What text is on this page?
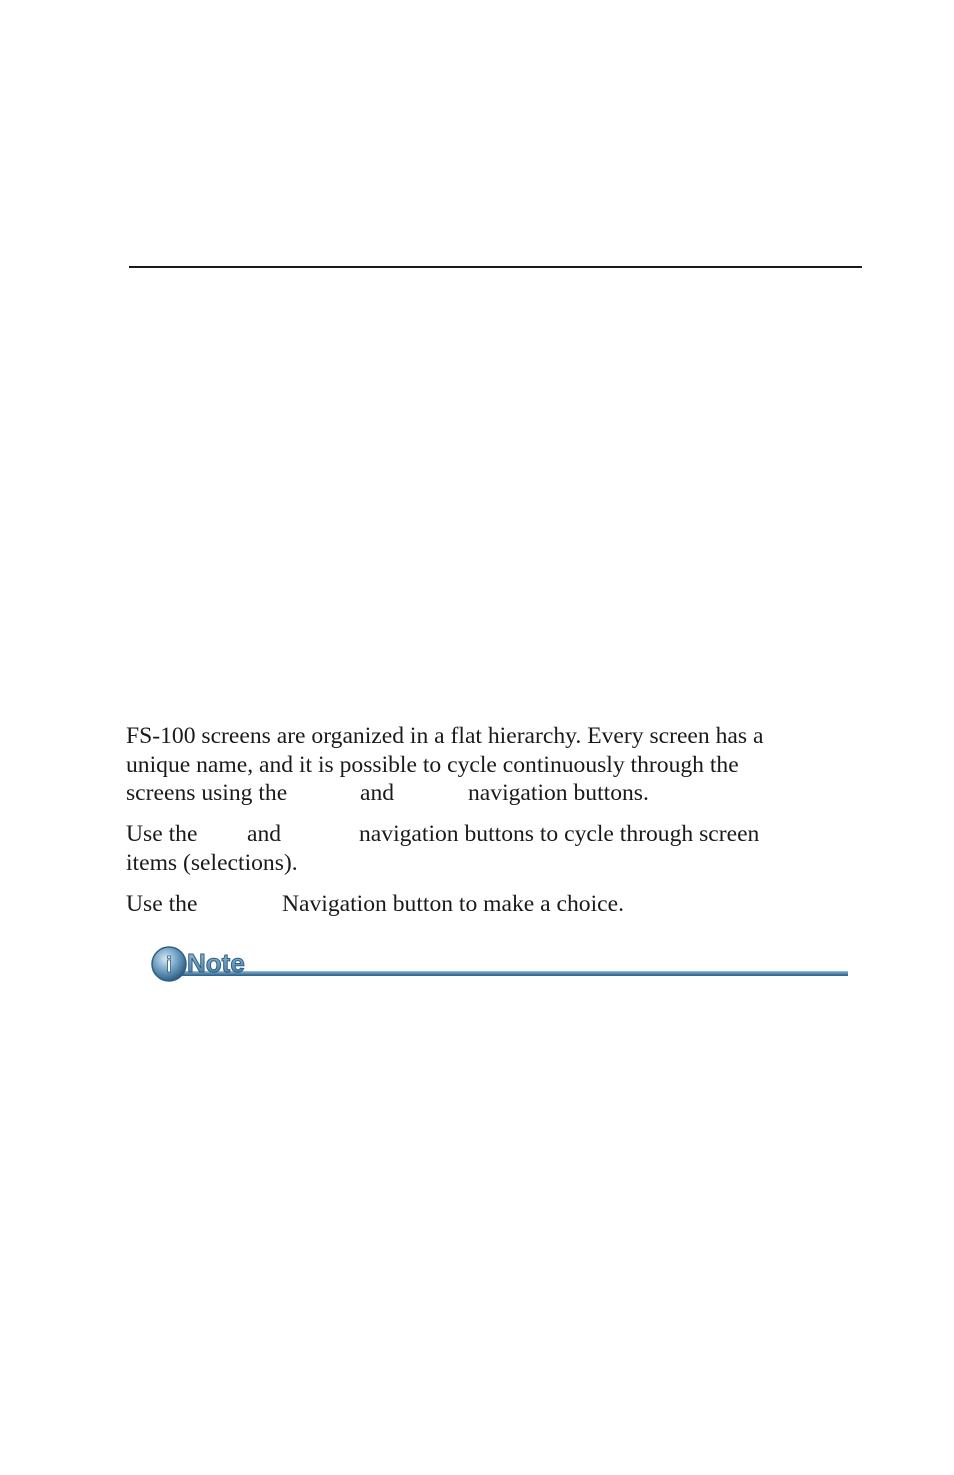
FS-100 screens are organized in a flat hierarchy. Every screen has a
unique name, and it is possible to cycle continuously through the
screens using the	and	navigation buttons.
Use the and	navigation buttons to cycle through screen
items (selections).
Use the	Navigation button to make a choice.
i Note
